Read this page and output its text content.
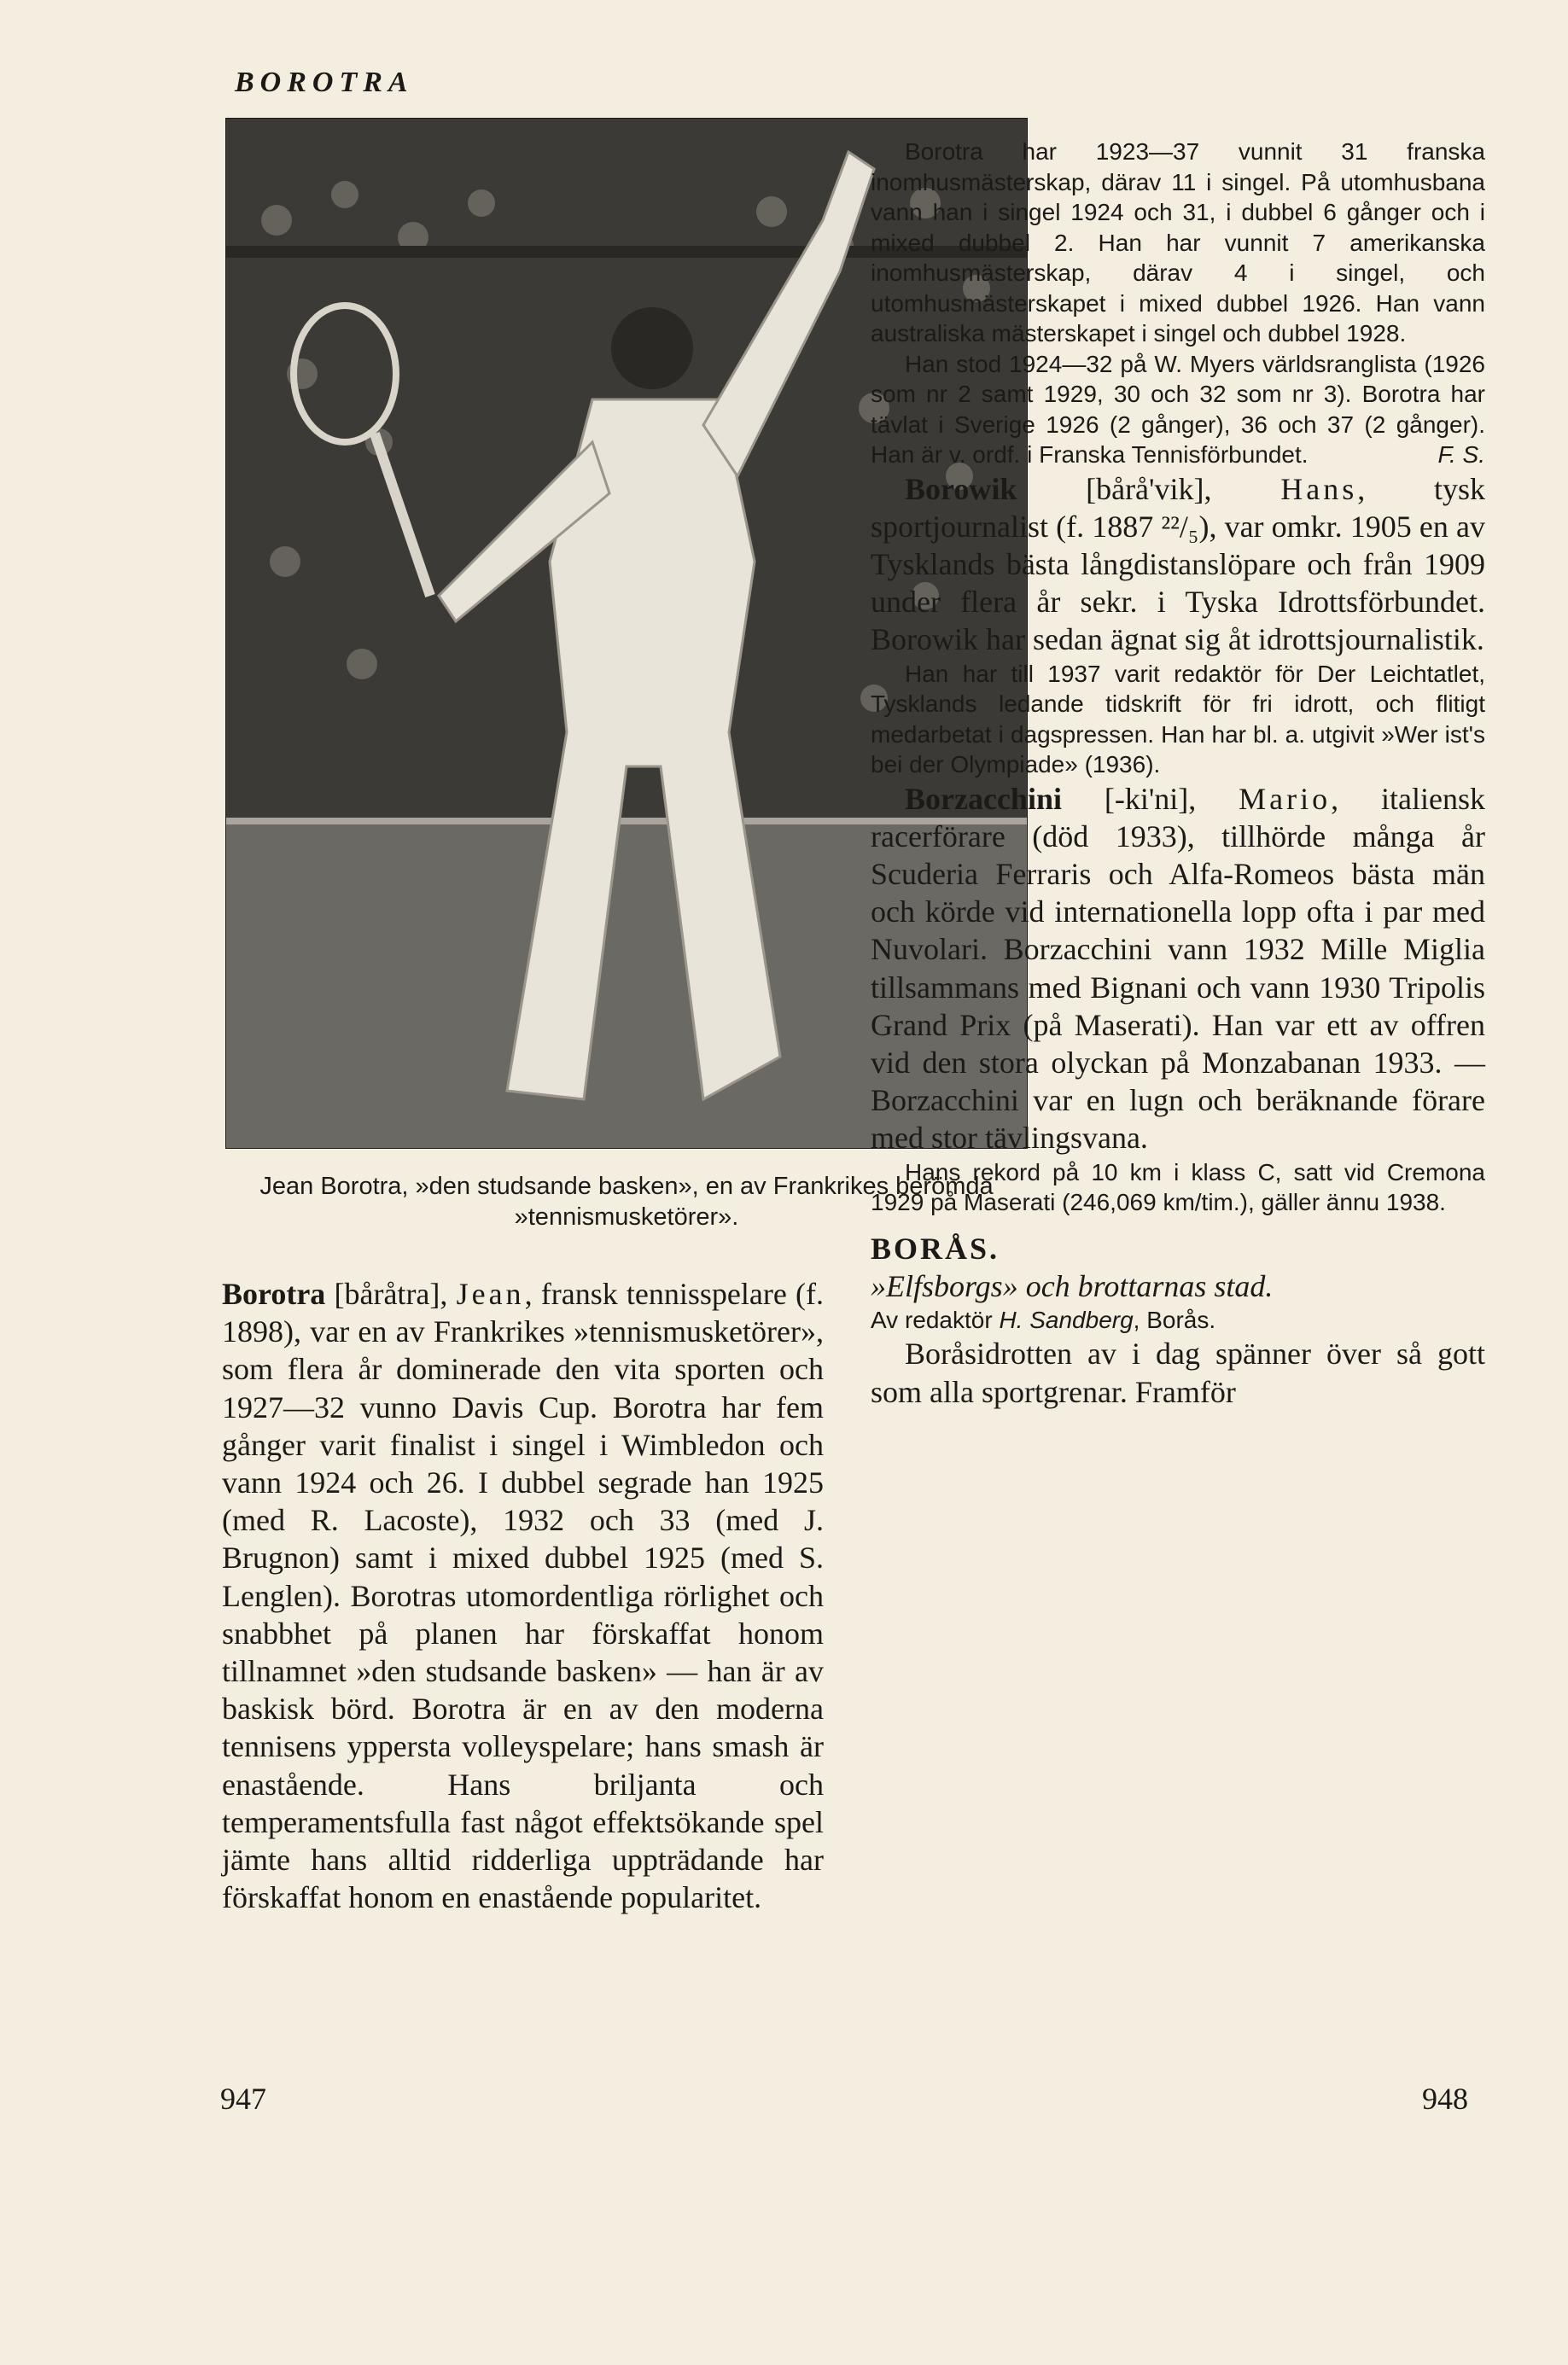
BOROTRA
Jean Borotra, »den studsande basken», en av Frankrikes berömda »tennismusketörer».

Borotra [båråtra], Jean, fransk tennisspelare (f. 1898), var en av Frankrikes »tennismusketörer», som flera år dominerade den vita sporten och 1927—32 vunno Davis Cup. Borotra har fem gånger varit finalist i singel i Wimbledon och vann 1924 och 26. I dubbel segrade han 1925 (med R. Lacoste), 1932 och 33 (med J. Brugnon) samt i mixed dubbel 1925 (med S. Lenglen). Borotras utomordentliga rörlighet och snabbhet på planen har förskaffat honom tillnamnet »den studsande basken» — han är av baskisk börd. Borotra är en av den moderna tennisens yppersta volleyspelare; hans smash är enastående. Hans briljanta och temperamentsfulla fast något effektsökande spel jämte hans alltid ridderliga uppträdande har förskaffat honom en enastående popularitet.

Borotra har 1923—37 vunnit 31 franska inomhusmästerskap, därav 11 i singel. På utomhusbana vann han i singel 1924 och 31, i dubbel 6 gånger och i mixed dubbel 2. Han har vunnit 7 amerikanska inomhusmästerskap, därav 4 i singel, och utomhusmästerskapet i mixed dubbel 1926. Han vann australiska mästerskapet i singel och dubbel 1928.

Han stod 1924—32 på W. Myers världsranglista (1926 som nr 2 samt 1929, 30 och 32 som nr 3). Borotra har tävlat i Sverige 1926 (2 gånger), 36 och 37 (2 gånger). Han är v. ordf. i Franska Tennisförbundet.	F. S.

Borowik [bårå'vik], Hans, tysk sportjournalist (f. 1887 ²²/₅), var omkr. 1905 en av Tysklands bästa långdistanslöpare och från 1909 under flera år sekr. i Tyska Idrottsförbundet. Borowik har sedan ägnat sig åt idrottsjournalistik.

Han har till 1937 varit redaktör för Der Leichtatlet, Tysklands ledande tidskrift för fri idrott, och flitigt medarbetat i dagspressen. Han har bl. a. utgivit »Wer ist's bei der Olympiade» (1936).

Borzacchini [-ki'ni], Mario, italiensk racerförare (död 1933), tillhörde många år Scuderia Ferraris och Alfa-Romeos bästa män och körde vid internationella lopp ofta i par med Nuvolari. Borzacchini vann 1932 Mille Miglia tillsammans med Bignani och vann 1930 Tripolis Grand Prix (på Maserati). Han var ett av offren vid den stora olyckan på Monzabanan 1933. — Borzacchini var en lugn och beräknande förare med stor tävlingsvana.

Hans rekord på 10 km i klass C, satt vid Cremona 1929 på Maserati (246,069 km/tim.), gäller ännu 1938.

BORÅS.

»Elfsborgs» och brottarnas stad.

Av redaktör H. Sandberg, Borås.

Boråsidrotten av i dag spänner över så gott som alla sportgrenar. Framför

947	948
